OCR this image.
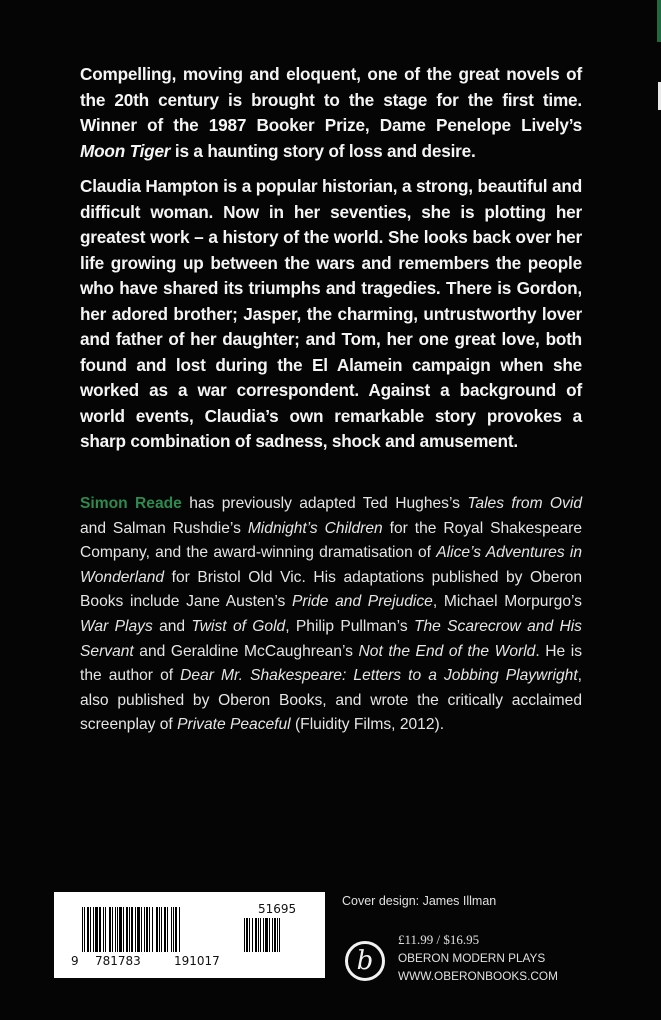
Compelling, moving and eloquent, one of the great novels of the 20th century is brought to the stage for the first time. Winner of the 1987 Booker Prize, Dame Penelope Lively’s Moon Tiger is a haunting story of loss and desire.

Claudia Hampton is a popular historian, a strong, beautiful and difficult woman. Now in her seventies, she is plotting her greatest work – a history of the world. She looks back over her life growing up between the wars and remembers the people who have shared its triumphs and tragedies. There is Gordon, her adored brother; Jasper, the charming, untrustworthy lover and father of her daughter; and Tom, her one great love, both found and lost during the El Alamein campaign when she worked as a war correspondent. Against a background of world events, Claudia’s own remarkable story provokes a sharp combination of sadness, shock and amusement.

Simon Reade has previously adapted Ted Hughes’s Tales from Ovid and Salman Rushdie’s Midnight’s Children for the Royal Shakespeare Company, and the award-winning dramatisation of Alice’s Adventures in Wonderland for Bristol Old Vic. His adaptations published by Oberon Books include Jane Austen’s Pride and Prejudice, Michael Morpurgo’s War Plays and Twist of Gold, Philip Pullman’s The Scarecrow and His Servant and Geraldine McCaughrean’s Not the End of the World. He is the author of Dear Mr. Shakespeare: Letters to a Jobbing Playwright, also published by Oberon Books, and wrote the critically acclaimed screenplay of Private Peaceful (Fluidity Films, 2012).

9 781783	191017
51695
Cover design: James Illman
b
£11.99 / $16.95
OBERON MODERN PLAYS
WWW.OBERONBOOKS.COM
